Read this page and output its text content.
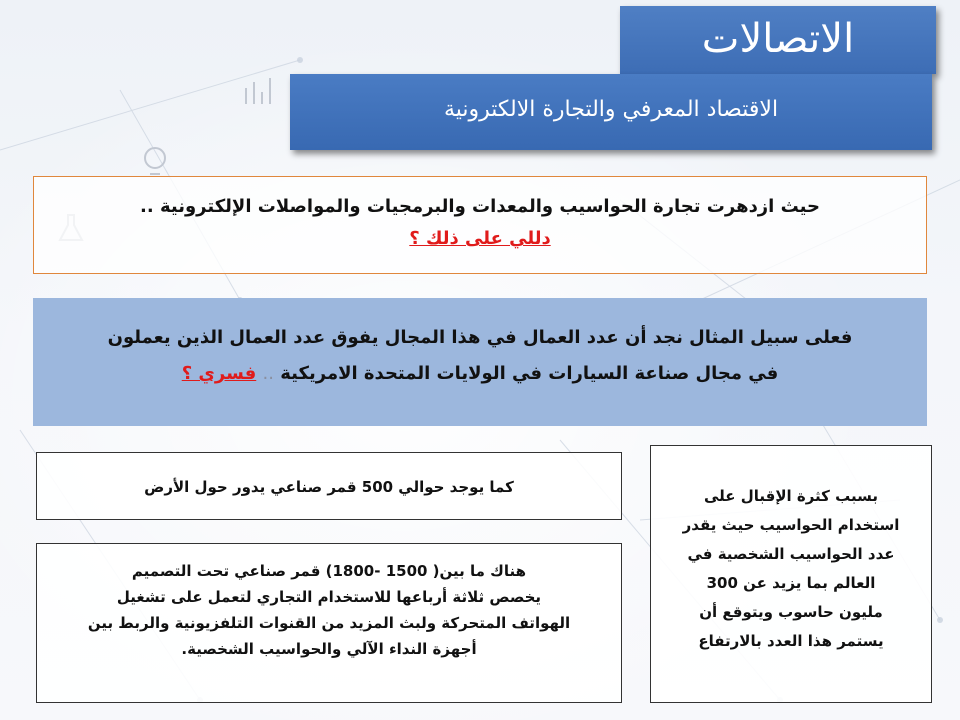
الاتصالات
الاقتصاد المعرفي والتجارة الالكترونية
حيث ازدهرت تجارة الحواسيب والمعدات والبرمجيات والمواصلات الإلكترونية ..
دللي على ذلك ؟
فعلى سبيل المثال نجد أن عدد العمال في هذا المجال يفوق عدد العمال الذين يعملون
في مجال صناعة السيارات في الولايات المتحدة الامريكية .. فسري ؟
كما يوجد حوالي 500 قمر صناعي يدور حول الأرض
هناك ما بين( 1500 -1800) قمر صناعي تحت التصميم
يخصص ثلاثة أرباعها للاستخدام التجاري لتعمل على تشغيل
الهواتف المتحركة ولبث المزيد من القنوات التلفزيونية والربط بين
أجهزة النداء الآلي والحواسيب الشخصية.
بسبب كثرة الإقبال على
استخدام الحواسيب حيث يقدر
عدد الحواسيب الشخصية في
العالم بما يزيد عن 300
مليون حاسوب ويتوقع أن
يستمر هذا العدد بالارتفاع
